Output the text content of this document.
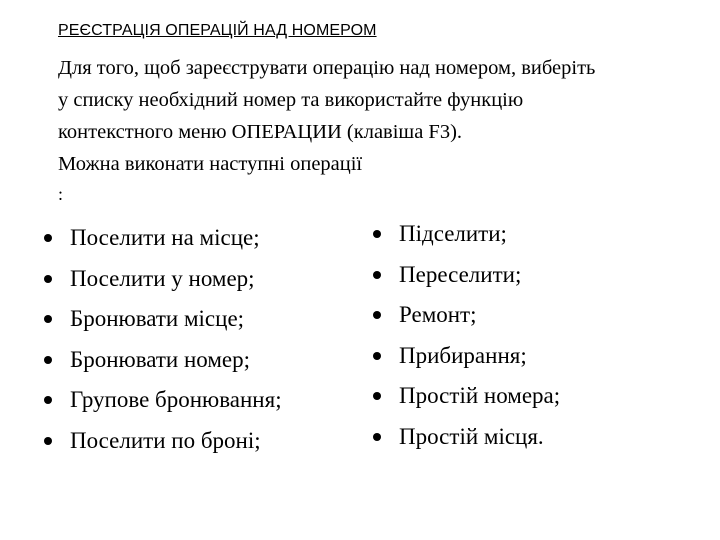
РЕЄСТРАЦІЯ ОПЕРАЦІЙ НАД НОМЕРОМ

Для того, щоб зареєструвати операцію над номером, виберіть

у списку необхідний номер та використайте функцію

контекстного меню ОПЕРАЦИИ (клавіша F3).

Можна виконати наступні операції

:
Поселити на місце;
Поселити у номер;
Бронювати місце;
Бронювати номер;
Групове бронювання;
Поселити по броні;
Підселити;
Переселити;
Ремонт;
Прибирання;
Простій номера;
Простій місця.
